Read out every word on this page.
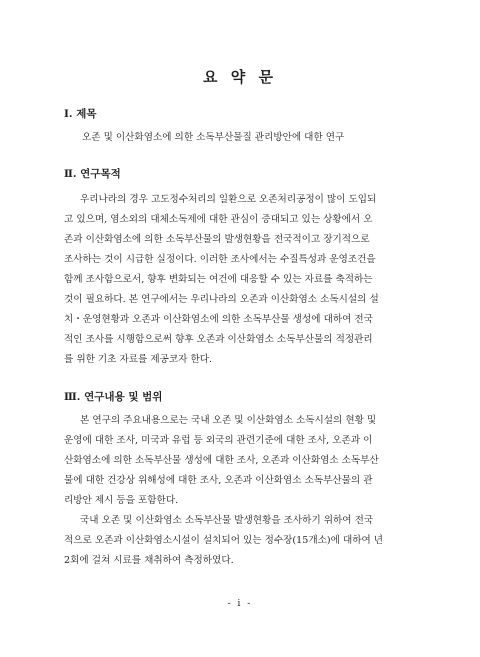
요 약 문
Ⅰ. 제목
오존 및 이산화염소에 의한 소독부산물질 관리방안에 대한 연구
Ⅱ. 연구목적
우리나라의 경우 고도정수처리의 일환으로 오존처리공정이 많이 도입되
고 있으며, 염소외의 대체소독제에 대한 관심이 증대되고 있는 상황에서 오
존과 이산화염소에 의한 소독부산물의 발생현황을 전국적이고 장기적으로
조사하는 것이 시급한 실정이다. 이러한 조사에서는 수질특성과 운영조건을
함께 조사함으로서, 향후 변화되는 여건에 대응할 수 있는 자료를 축적하는
것이 필요하다. 본 연구에서는 우리나라의 오존과 이산화염소 소독시설의 설
치・운영현황과 오존과 이산화염소에 의한 소독부산물 생성에 대하여 전국
적인 조사를 시행함으로써 향후 오존과 이산화염소 소독부산물의 적정관리
를 위한 기초 자료를 제공코자 한다.
Ⅲ. 연구내용 및 범위
본 연구의 주요내용으로는 국내 오존 및 이산화염소 소독시설의 현황 및
운영에 대한 조사, 미국과 유럽 등 외국의 관련기준에 대한 조사, 오존과 이
산화염소에 의한 소독부산물 생성에 대한 조사, 오존과 이산화염소 소독부산
물에 대한 건강상 위해성에 대한 조사, 오존과 이산화염소 소독부산물의 관
리방안 제시 등을 포함한다.
국내 오존 및 이산화염소 소독부산물 발생현황을 조사하기 위하여 전국
적으로 오존과 이산화염소시설이 설치되어 있는 정수장(15개소)에 대하여 년
2회에 걸쳐 시료를 채취하여 측정하였다.
- i -
